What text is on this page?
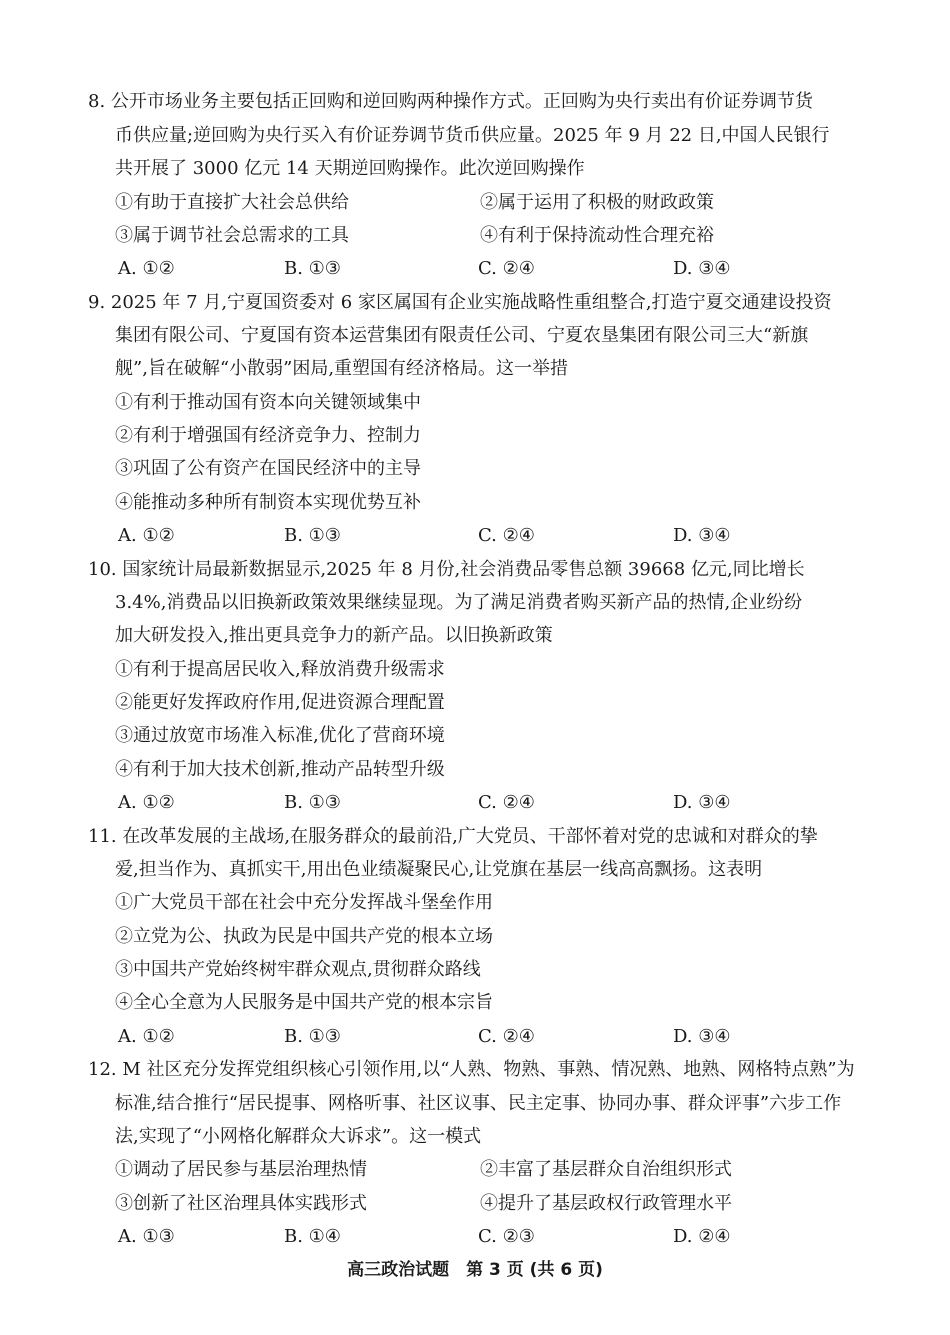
8. 公开市场业务主要包括正回购和逆回购两种操作方式。正回购为央行卖出有价证券调节货
币供应量;逆回购为央行买入有价证券调节货币供应量。2025 年 9 月 22 日,中国人民银行
共开展了 3000 亿元 14 天期逆回购操作。此次逆回购操作
①有助于直接扩大社会总供给	②属于运用了积极的财政政策
③属于调节社会总需求的工具	④有利于保持流动性合理充裕
A. ①②	B. ①③	C. ②④	D. ③④
9. 2025 年 7 月,宁夏国资委对 6 家区属国有企业实施战略性重组整合,打造宁夏交通建设投资
集团有限公司、宁夏国有资本运营集团有限责任公司、宁夏农垦集团有限公司三大“新旗
舰”,旨在破解“小散弱”困局,重塑国有经济格局。这一举措
①有利于推动国有资本向关键领域集中
②有利于增强国有经济竞争力、控制力
③巩固了公有资产在国民经济中的主导
④能推动多种所有制资本实现优势互补
A. ①②	B. ①③	C. ②④	D. ③④
10. 国家统计局最新数据显示,2025 年 8 月份,社会消费品零售总额 39668 亿元,同比增长
3.4%,消费品以旧换新政策效果继续显现。为了满足消费者购买新产品的热情,企业纷纷
加大研发投入,推出更具竞争力的新产品。以旧换新政策
①有利于提高居民收入,释放消费升级需求
②能更好发挥政府作用,促进资源合理配置
③通过放宽市场准入标准,优化了营商环境
④有利于加大技术创新,推动产品转型升级
A. ①②	B. ①③	C. ②④	D. ③④
11. 在改革发展的主战场,在服务群众的最前沿,广大党员、干部怀着对党的忠诚和对群众的挚
爱,担当作为、真抓实干,用出色业绩凝聚民心,让党旗在基层一线高高飘扬。这表明
①广大党员干部在社会中充分发挥战斗堡垒作用
②立党为公、执政为民是中国共产党的根本立场
③中国共产党始终树牢群众观点,贯彻群众路线
④全心全意为人民服务是中国共产党的根本宗旨
A. ①②	B. ①③	C. ②④	D. ③④
12. M 社区充分发挥党组织核心引领作用,以“人熟、物熟、事熟、情况熟、地熟、网格特点熟”为
标准,结合推行“居民提事、网格听事、社区议事、民主定事、协同办事、群众评事”六步工作
法,实现了“小网格化解群众大诉求”。这一模式
①调动了居民参与基层治理热情	②丰富了基层群众自治组织形式
③创新了社区治理具体实践形式	④提升了基层政权行政管理水平
A. ①③	B. ①④	C. ②③	D. ②④
高三政治试题　第 3 页 (共 6 页)
